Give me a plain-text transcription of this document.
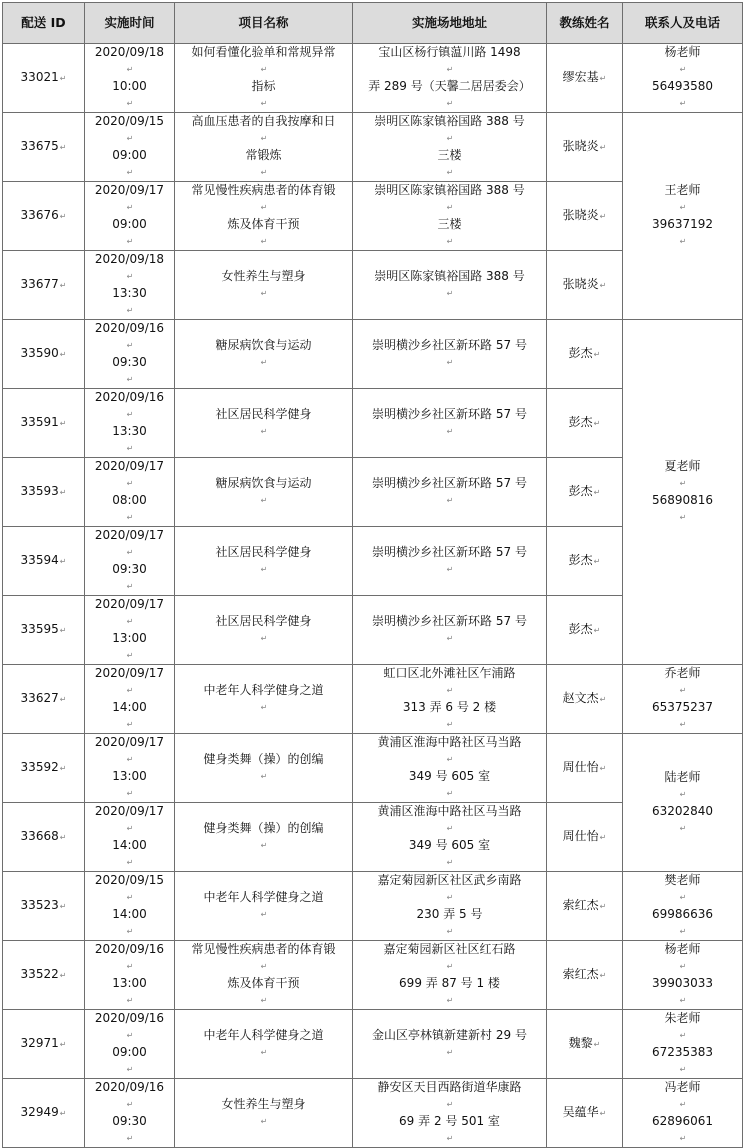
配送 ID	实施时间	项目名称	实施场地地址	教练姓名	联系人及电话
33021↵	2020/09/18
↵
10:00
↵	如何看懂化验单和常规异常
↵
指标
↵	宝山区杨行镇蕰川路 1498
↵
弄 289 号（天馨二居居委会）
↵	缪宏基↵	杨老师
↵
56493580
↵
33675↵	2020/09/15
↵
09:00
↵	高血压患者的自我按摩和日
↵
常锻炼
↵	崇明区陈家镇裕国路 388 号
↵
三楼
↵	张晓炎↵	王老师
↵
39637192
↵
33676↵	2020/09/17
↵
09:00
↵	常见慢性疾病患者的体育锻
↵
炼及体育干预
↵	崇明区陈家镇裕国路 388 号
↵
三楼
↵	张晓炎↵	
33677↵	2020/09/18
↵
13:30
↵	女性养生与塑身
↵	崇明区陈家镇裕国路 388 号
↵	张晓炎↵	
33590↵	2020/09/16
↵
09:30
↵	糖尿病饮食与运动
↵	崇明横沙乡社区新环路 57 号
↵	彭杰↵	夏老师
↵
56890816
↵
33591↵	2020/09/16
↵
13:30
↵	社区居民科学健身
↵	崇明横沙乡社区新环路 57 号
↵	彭杰↵	
33593↵	2020/09/17
↵
08:00
↵	糖尿病饮食与运动
↵	崇明横沙乡社区新环路 57 号
↵	彭杰↵	
33594↵	2020/09/17
↵
09:30
↵	社区居民科学健身
↵	崇明横沙乡社区新环路 57 号
↵	彭杰↵	
33595↵	2020/09/17
↵
13:00
↵	社区居民科学健身
↵	崇明横沙乡社区新环路 57 号
↵	彭杰↵	
33627↵	2020/09/17
↵
14:00
↵	中老年人科学健身之道
↵	虹口区北外滩社区乍浦路
↵
313 弄 6 号 2 楼
↵	赵文杰↵	乔老师
↵
65375237
↵
33592↵	2020/09/17
↵
13:00
↵	健身类舞（操）的创编
↵	黄浦区淮海中路社区马当路
↵
349 号 605 室
↵	周仕怡↵	陆老师
↵
63202840
↵
33668↵	2020/09/17
↵
14:00
↵	健身类舞（操）的创编
↵	黄浦区淮海中路社区马当路
↵
349 号 605 室
↵	周仕怡↵	
33523↵	2020/09/15
↵
14:00
↵	中老年人科学健身之道
↵	嘉定菊园新区社区武乡南路
↵
230 弄 5 号
↵	索红杰↵	樊老师
↵
69986636
↵
33522↵	2020/09/16
↵
13:00
↵	常见慢性疾病患者的体育锻
↵
炼及体育干预
↵	嘉定菊园新区社区红石路
↵
699 弄 87 号 1 楼
↵	索红杰↵	杨老师
↵
39903033
↵
32971↵	2020/09/16
↵
09:00
↵	中老年人科学健身之道
↵	金山区亭林镇新建新村 29 号
↵	魏黎↵	朱老师
↵
67235383
↵
32949↵	2020/09/16
↵
09:30
↵	女性养生与塑身
↵	静安区天目西路街道华康路
↵
69 弄 2 号 501 室
↵	吴蕴华↵	冯老师
↵
62896061
↵
